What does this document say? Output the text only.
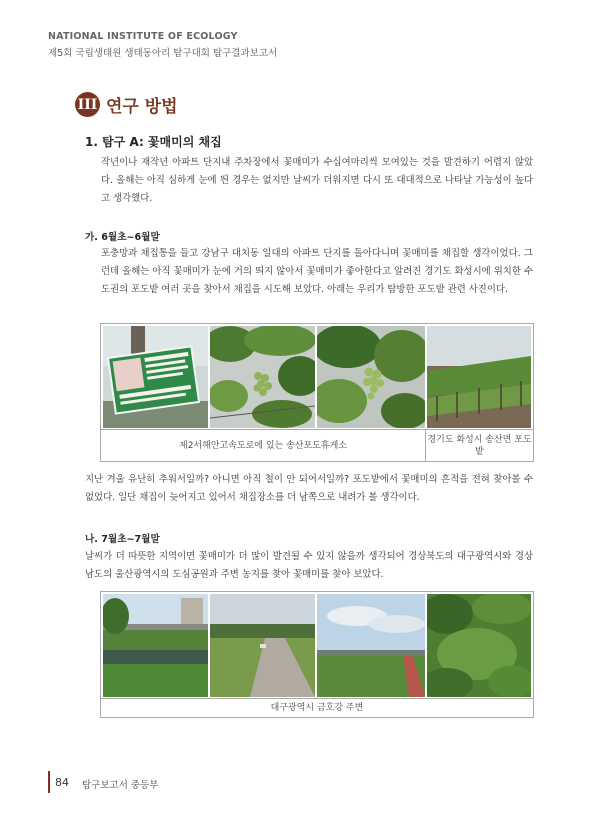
NATIONAL INSTITUTE OF ECOLOGY
제5회 국립생태원 생태동아리 탐구대회 탐구결과보고서
III 연구 방법
1. 탐구 A: 꽃매미의 채집
작년이나 재작년 아파트 단지내 주차장에서 꽃매미가 수십여마리씩 모여있는 것을 발견하기 어렵지 않았다. 올해는 아직 심하게 눈에 띈 경우는 없지만 날씨가 더워지면 다시 또 대대적으로 나타날 가능성이 높다고 생각했다.
가. 6월초~6월말
포충망과 채집통을 들고 강남구 대치동 일대의 아파트 단지를 돌아다니며 꽃매미를 채집할 생각이었다. 그런데 올해는 아직 꽃매미가 눈에 거의 띄지 않아서 꽃매미가 좋아한다고 알려진 경기도 화성시에 위치한 수도권의 포도밭 여러 곳을 찾아서 채집을 시도해 보았다. 아래는 우리가 탐방한 포도밭 관련 사진이다.
제2서해안고속도로에 있는 송산포도휴게소
경기도 화성시 송산면 포도밭
지난 겨울 유난히 추워서일까? 아니면 아직 철이 안 되어서일까? 포도밭에서 꽃매미의 흔적을 전혀 찾아볼 수 없었다. 일단 채집이 늦어지고 있어서 채집장소를 더 남쪽으로 내려가 볼 생각이다.
나. 7월초~7월말
날씨가 더 따뜻한 지역이면 꽃매미가 더 많이 발견될 수 있지 않을까 생각되어 경상북도의 대구광역시와 경상남도의 울산광역시의 도심공원과 주변 농지를 찾아 꽃매미를 찾아 보았다.
대구광역시 금호강 주변
84 탐구보고서 중등부
